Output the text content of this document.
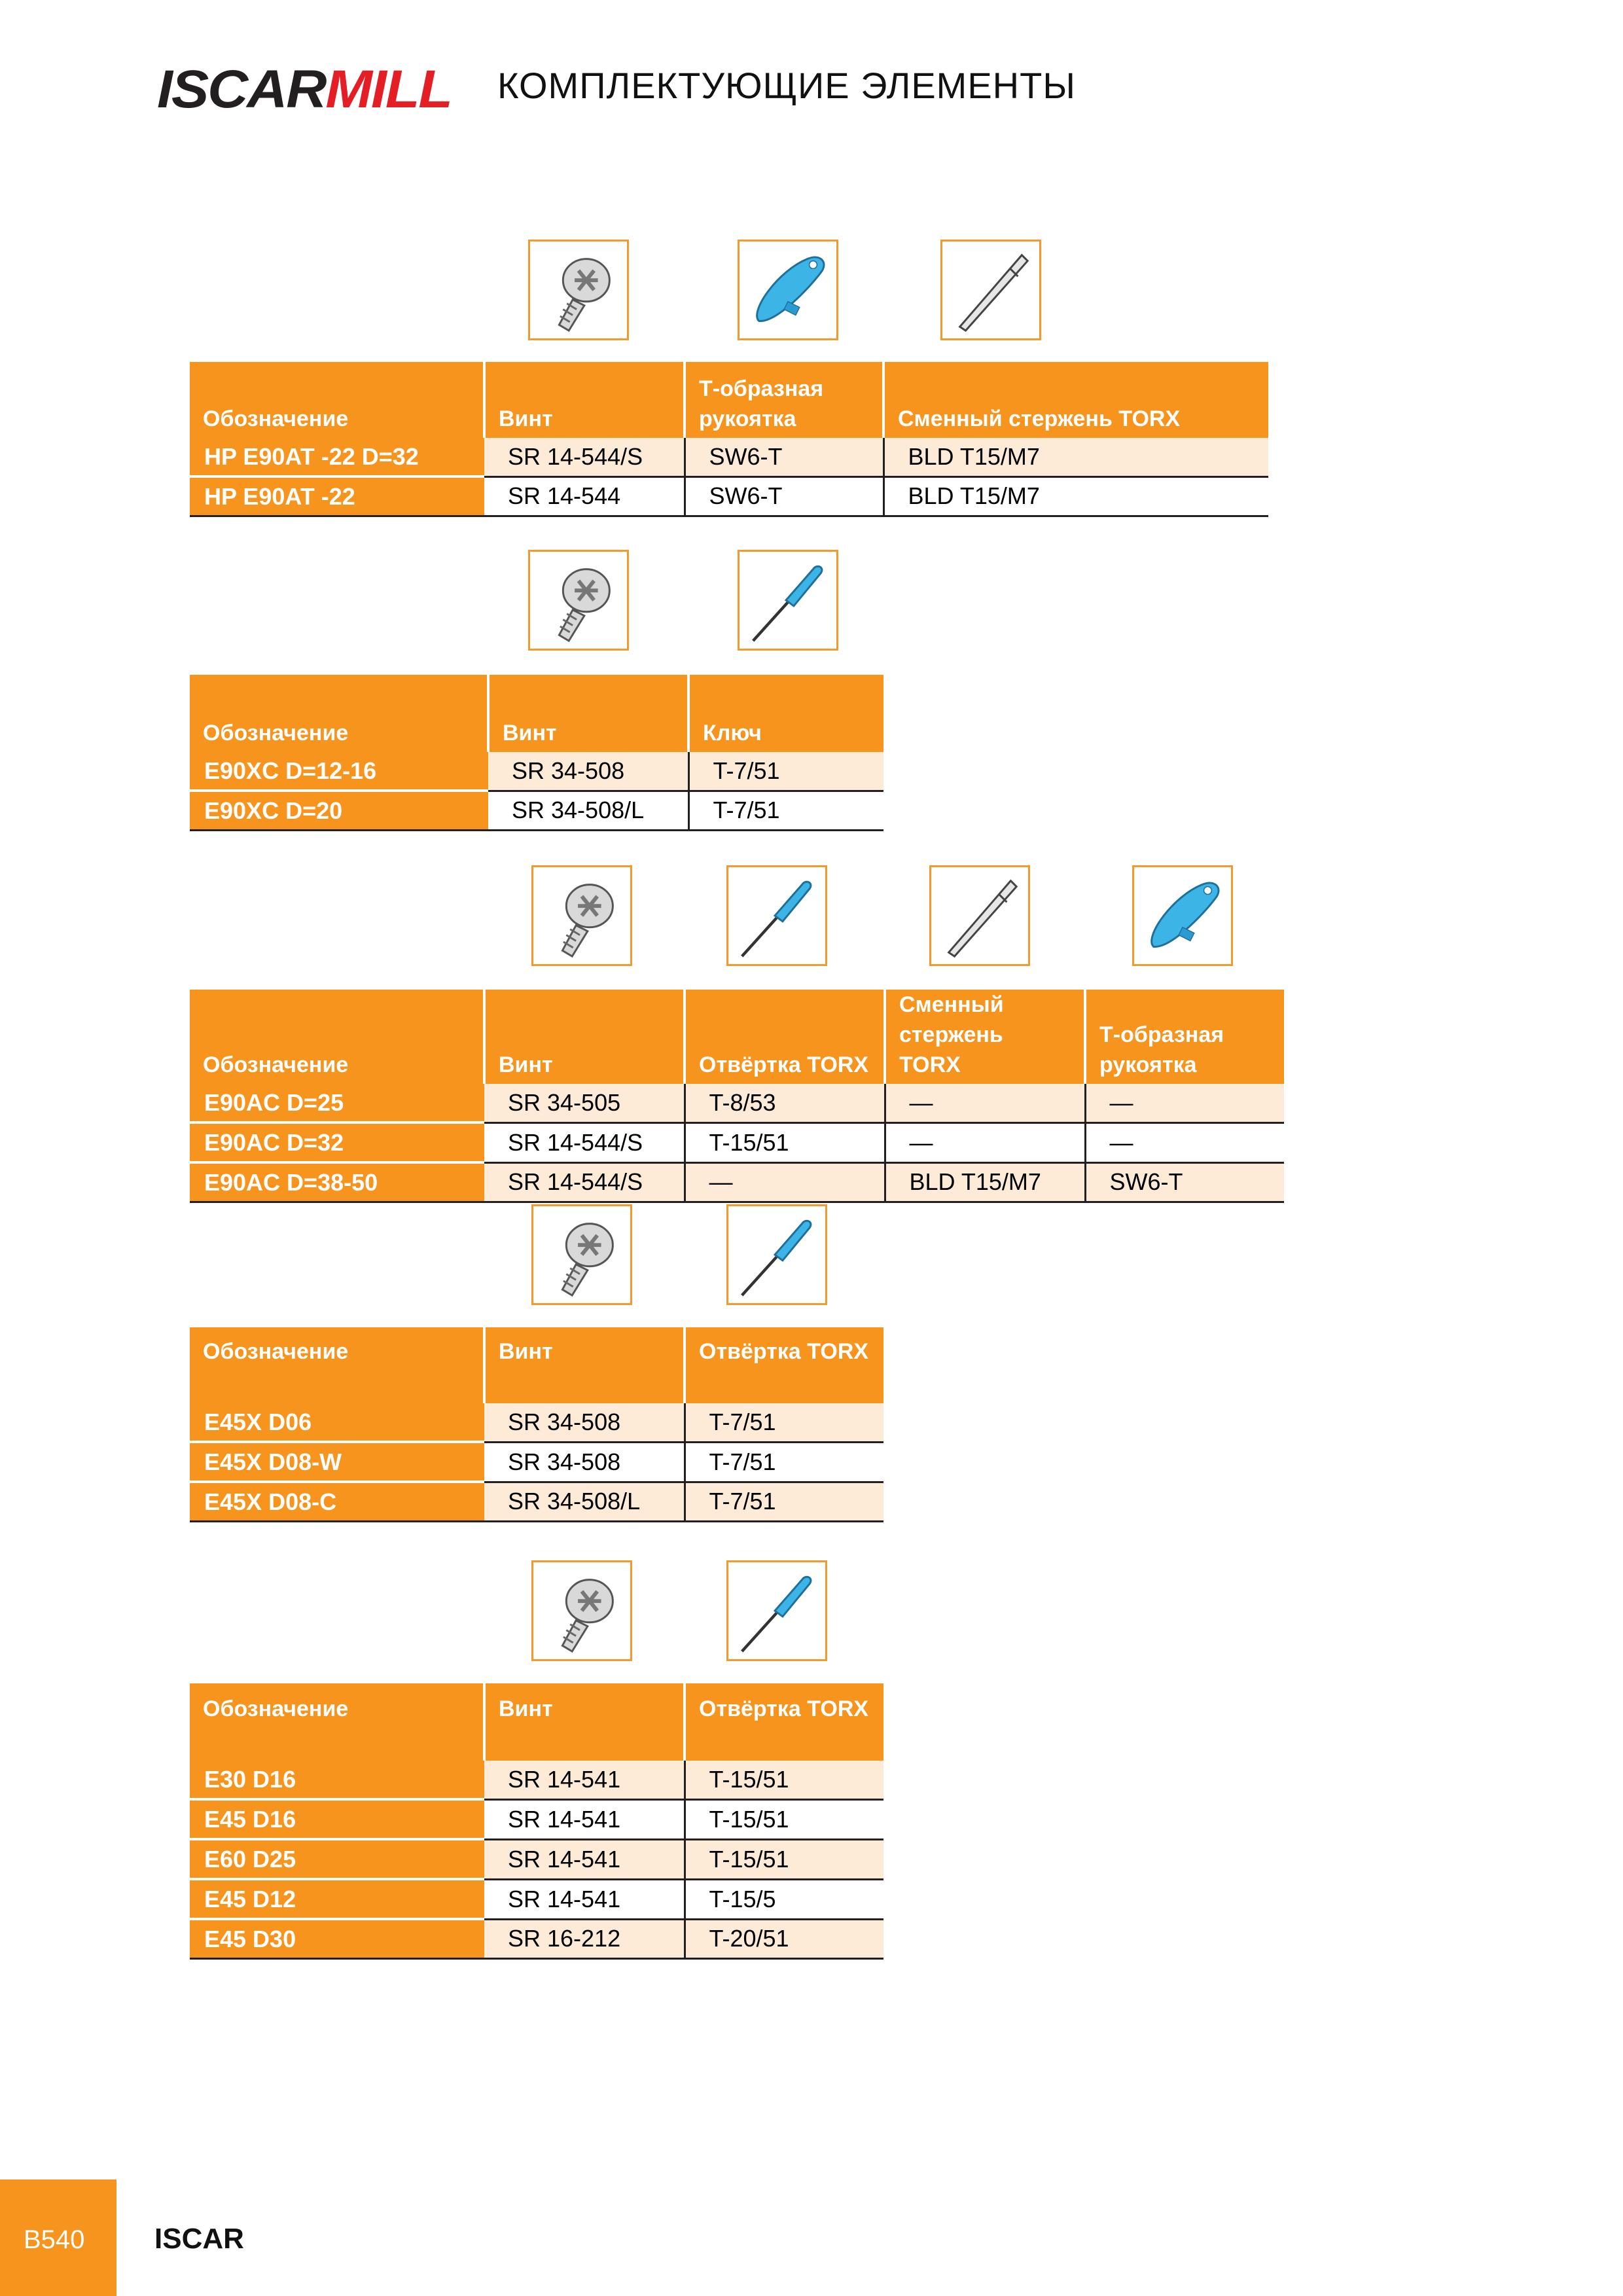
ISCARMILL КОМПЛЕКТУЮЩИЕ ЭЛЕМЕНТЫ
Обозначение	Винт	Т-образная рукоятка	Сменный стержень TORX
HP E90AT -22 D=32	SR 14-544/S	SW6-T	BLD T15/M7
HP E90AT -22	SR 14-544	SW6-T	BLD T15/M7
Обозначение	Винт	Ключ
E90XC D=12-16	SR 34-508	T-7/51
E90XC D=20	SR 34-508/L	T-7/51
Обозначение	Винт	Отвёртка TORX	Сменный стержень TORX	Т-образная рукоятка
E90AC D=25	SR 34-505	T-8/53	—	—
E90AC D=32	SR 14-544/S	T-15/51	—	—
E90AC D=38-50	SR 14-544/S	—	BLD T15/M7	SW6-T
Обозначение	Винт	Отвёртка TORX
E45X D06	SR 34-508	T-7/51
E45X D08-W	SR 34-508	T-7/51
E45X D08-C	SR 34-508/L	T-7/51
Обозначение	Винт	Отвёртка TORX
E30 D16	SR 14-541	T-15/51
E45 D16	SR 14-541	T-15/51
E60 D25	SR 14-541	T-15/51
E45 D12	SR 14-541	T-15/5
E45 D30	SR 16-212	T-20/51
B540 ISCAR
